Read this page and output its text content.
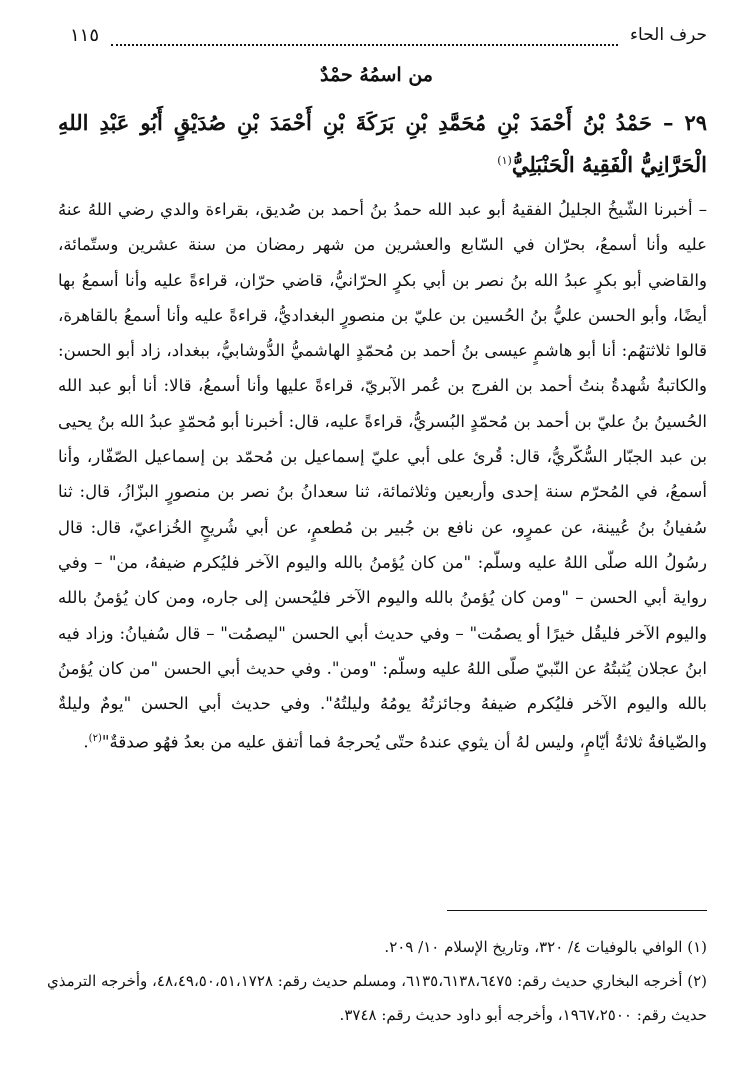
حرف الحاء
١١٥
من اسمُهُ حمْدٌ
٢٩ – حَمْدُ بْنُ أَحْمَدَ بْنِ مُحَمَّدِ بْنِ بَرَكَةَ بْنِ أَحْمَدَ بْنِ صُدَيْقٍ أَبُو عَبْدِ اللهِ الْحَرَّانِيُّ الْفَقِيهُ الْحَنْبَلِيُّ$^{(١)}$

– أخبرنا الشّيخُ الجليلُ الفقيهُ أبو عبد الله حمدُ بنُ أحمد بن صُديق، بقراءة والدي رضي اللهُ عنهُ عليه وأنا أسمعُ، بحرّان في السّابع والعشرين من شهر رمضان من سنة عشرين وستّمائة، والقاضي أبو بكرٍ عبدُ الله بنُ نصر بن أبي بكرٍ الحرّانيُّ، قاضي حرّان، قراءةً عليه وأنا أسمعُ بها أيضًا، وأبو الحسن عليُّ بنُ الحُسين بن عليّ بن منصورٍ البغداديُّ، قراءةً عليه وأنا أسمعُ بالقاهرة، قالوا ثلاثتهُم: أنا أبو هاشمٍ عيسى بنُ أحمد بن مُحمّدٍ الهاشميُّ الدُّوشابيُّ، ببغداد، زاد أبو الحسن: والكاتبةُ شُهدةُ بنتُ أحمد بن الفرج بن عُمر الآبريّ، قراءةً عليها وأنا أسمعُ، قالا: أنا أبو عبد الله الحُسينُ بنُ عليّ بن أحمد بن مُحمّدٍ البُسريُّ، قراءةً عليه، قال: أخبرنا أبو مُحمّدٍ عبدُ الله بنُ يحيى بن عبد الجبّار السُّكّريُّ، قال: قُرئ على أبي عليّ إسماعيل بن مُحمّد بن إسماعيل الصّفّار، وأنا أسمعُ، في المُحرّم سنة إحدى وأربعين وثلاثمائة، ثنا سعدانُ بنُ نصر بن منصورٍ البزّازُ، قال: ثنا سُفيانُ بنُ عُيينة، عن عمرٍو، عن نافع بن جُبير بن مُطعمٍ، عن أبي شُريحٍ الخُزاعيّ، قال: قال رسُولُ الله صلّى اللهُ عليه وسلّم: "من كان يُؤمنُ بالله واليوم الآخر فليُكرم ضيفهُ، من" – وفي رواية أبي الحسن – "ومن كان يُؤمنُ بالله واليوم الآخر فليُحسن إلى جاره، ومن كان يُؤمنُ بالله واليوم الآخر فليقُل خيرًا أو يصمُت" – وفي حديث أبي الحسن "ليصمُت" – قال سُفيانُ: وزاد فيه ابنُ عجلان يُثبتُهُ عن النّبيّ صلّى اللهُ عليه وسلّم: "ومن". وفي حديث أبي الحسن "من كان يُؤمنُ بالله واليوم الآخر فليُكرم ضيفهُ وجائزتُهُ يومُهُ وليلتُهُ". وفي حديث أبي الحسن "يومٌ وليلةٌ والضّيافةُ ثلاثةُ أيّامٍ، وليس لهُ أن يثوي عندهُ حتّى يُحرجهُ فما أتفق عليه من بعدُ فهُو صدقةٌ"$^{(٢)}$.

(١) الوافي بالوفيات ٤/ ٣٢٠، وتاريخ الإسلام ١٠/ ٢٠٩.

(٢) أخرجه البخاري حديث رقم: ٦١٣٥،٦١٣٨،٦٤٧٥، ومسلم حديث رقم: ٤٨،٤٩،٥٠،٥١،١٧٢٨، وأخرجه الترمذي حديث رقم: ١٩٦٧،٢٥٠٠، وأخرجه أبو داود حديث رقم: ٣٧٤٨.
